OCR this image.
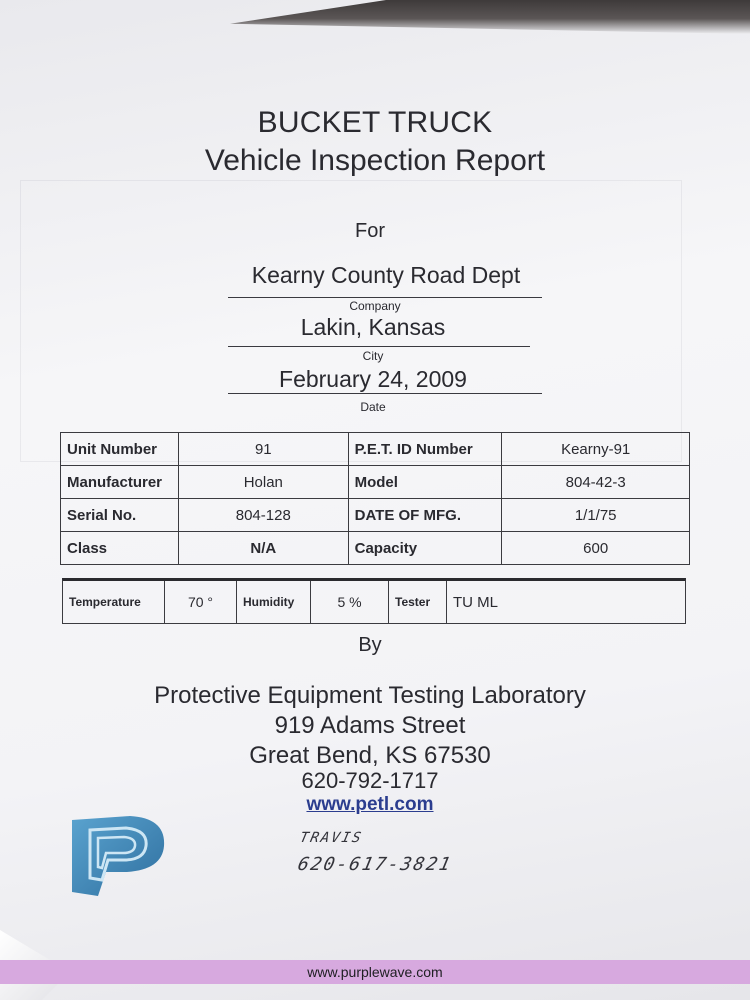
BUCKET TRUCK
Vehicle Inspection Report
For
Kearny County Road Dept
Company
Lakin, Kansas
City
February 24, 2009
Date
Unit Number	91	P.E.T. ID Number	Kearny-91
Manufacturer	Holan	Model	804-42-3
Serial No.	804-128	DATE OF MFG.	1/1/75
Class	N/A	Capacity	600
Temperature	70 °	Humidity	5 %	Tester	TU ML
By
Protective Equipment Testing Laboratory
919 Adams Street
Great Bend, KS 67530
620-792-1717
www.petl.com
TRAVIS
620-617-3821
www.purplewave.com
